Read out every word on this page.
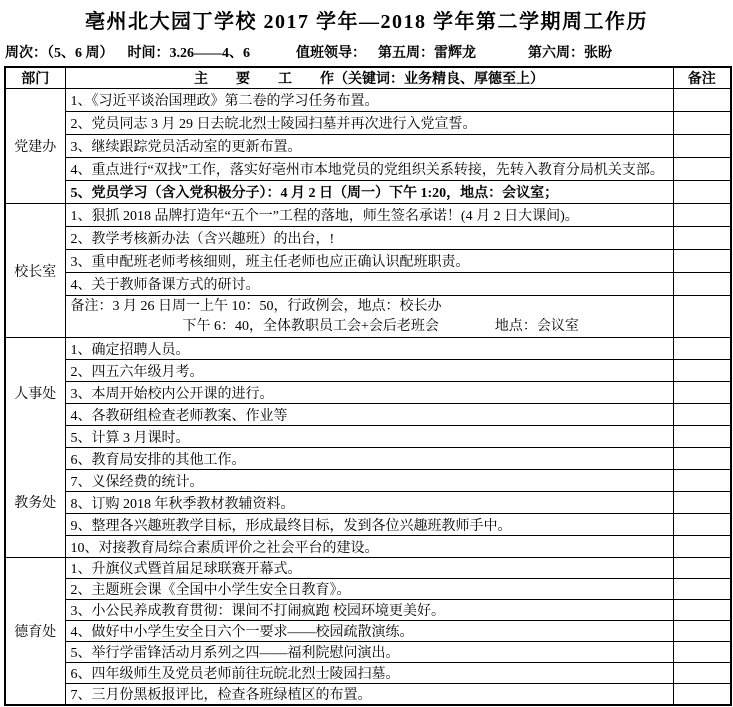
亳州北大园丁学校 2017 学年—2018 学年第二学期周工作历
周次：（5、6 周） 时间：3.26——4、6	值班领导： 第五周：雷辉龙	第六周：张盼
部门	主　　要　　工　　作（关键词：业务精良、厚德至上）	备注
党建办	1、《习近平谈治国理政》第二卷的学习任务布置。	
	2、党员同志 3 月 29 日去皖北烈士陵园扫墓并再次进行入党宣誓。	
	3、继续跟踪党员活动室的更新布置。	
	4、重点进行“双找”工作，落实好亳州市本地党员的党组织关系转接，先转入教育分局机关支部。	
	5、党员学习（含入党积极分子）：4 月 2 日（周一）下午 1:20，地点：会议室；	
校长室	1、狠抓 2018 品牌打造年“五个一”工程的落地，师生签名承诺！(4 月 2 日大课间)。	
	2、教学考核新办法（含兴趣班）的出台，!	
	3、重申配班老师考核细则，班主任老师也应正确认识配班职责。	
	4、关于教师备课方式的研讨。	

	备注：3 月 26 日周一上午 10：50，行政例会，地点：校长办
下午 6：40，全体教职员工会+会后老班会　　　　地点：会议室	

人事处	1、确定招聘人员。	
	2、四五六年级月考。	
	3、本周开始校内公开课的进行。	
	4、各教研组检查老师教案、作业等	
	5、计算 3 月课时。	
教务处	6、教育局安排的其他工作。	
	7、义保经费的统计。	
	8、订购 2018 年秋季教材教辅资料。	
	9、整理各兴趣班教学目标，形成最终目标，发到各位兴趣班教师手中。	
	10、对接教育局综合素质评价之社会平台的建设。	
德育处	1、升旗仪式暨首届足球联赛开幕式。	
	2、主题班会课《全国中小学生安全日教育》。	
	3、小公民养成教育贯彻：课间不打闹疯跑 校园环境更美好。	
	4、做好中小学生安全日六个一要求——校园疏散演练。	
	5、举行学雷锋活动月系列之四——福利院慰问演出。	
	6、四年级师生及党员老师前往玩皖北烈士陵园扫墓。	
	7、三月份黑板报评比，检查各班绿植区的布置。	
